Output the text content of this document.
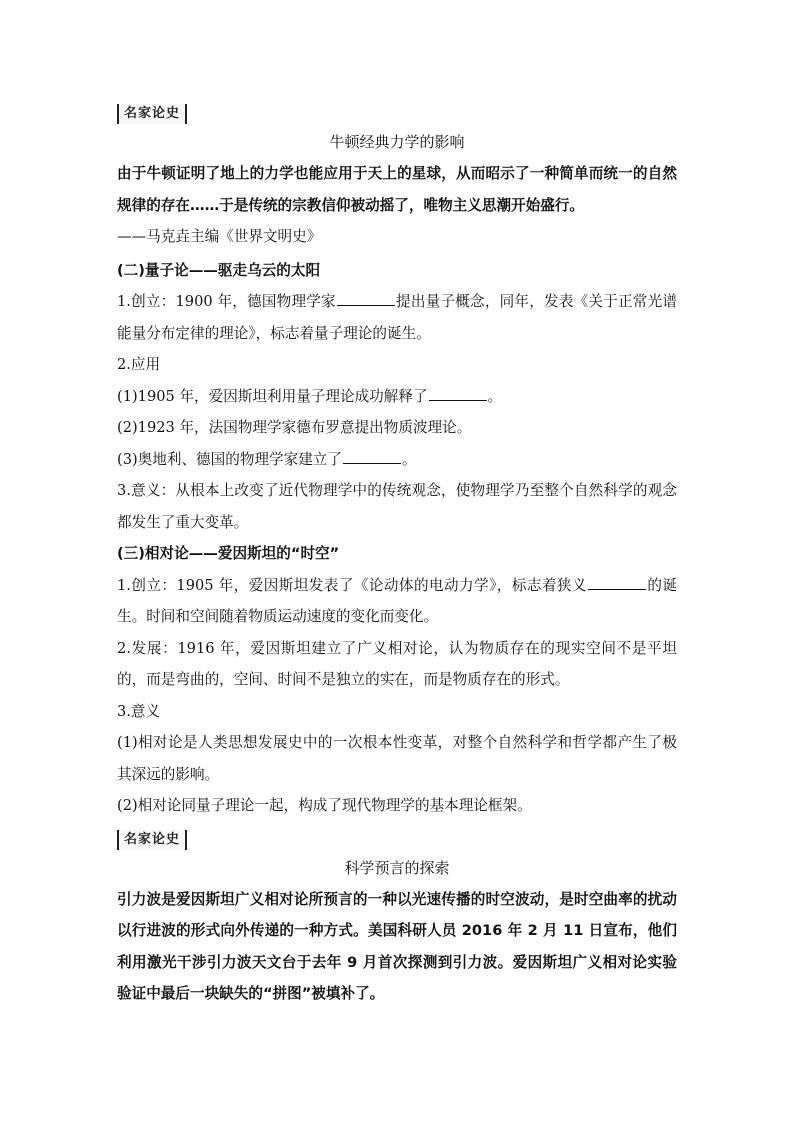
名家论史
牛顿经典力学的影响
由于牛顿证明了地上的力学也能应用于天上的星球，从而昭示了一种简单而统一的自然规律的存在……于是传统的宗教信仰被动摇了，唯物主义思潮开始盛行。
——马克垚主编《世界文明史》
(二)量子论——驱走乌云的太阳
1.创立：1900 年，德国物理学家	提出量子概念，同年，发表《关于正常光谱能量分布定律的理论》，标志着量子理论的诞生。
2.应用
(1)1905 年，爱因斯坦利用量子理论成功解释了	。
(2)1923 年，法国物理学家德布罗意提出物质波理论。
(3)奥地利、德国的物理学家建立了	。
3.意义：从根本上改变了近代物理学中的传统观念，使物理学乃至整个自然科学的观念都发生了重大变革。
(三)相对论——爱因斯坦的“时空”
1.创立：1905 年，爱因斯坦发表了《论动体的电动力学》，标志着狭义	的诞生。时间和空间随着物质运动速度的变化而变化。
2.发展：1916 年，爱因斯坦建立了广义相对论，认为物质存在的现实空间不是平坦的，而是弯曲的，空间、时间不是独立的实在，而是物质存在的形式。
3.意义
(1)相对论是人类思想发展史中的一次根本性变革，对整个自然科学和哲学都产生了极其深远的影响。
(2)相对论同量子理论一起，构成了现代物理学的基本理论框架。
名家论史
科学预言的探索
引力波是爱因斯坦广义相对论所预言的一种以光速传播的时空波动，是时空曲率的扰动以行进波的形式向外传递的一种方式。美国科研人员 2016 年 2 月 11 日宣布，他们利用激光干涉引力波天文台于去年 9 月首次探测到引力波。爱因斯坦广义相对论实验验证中最后一块缺失的“拼图”被填补了。
